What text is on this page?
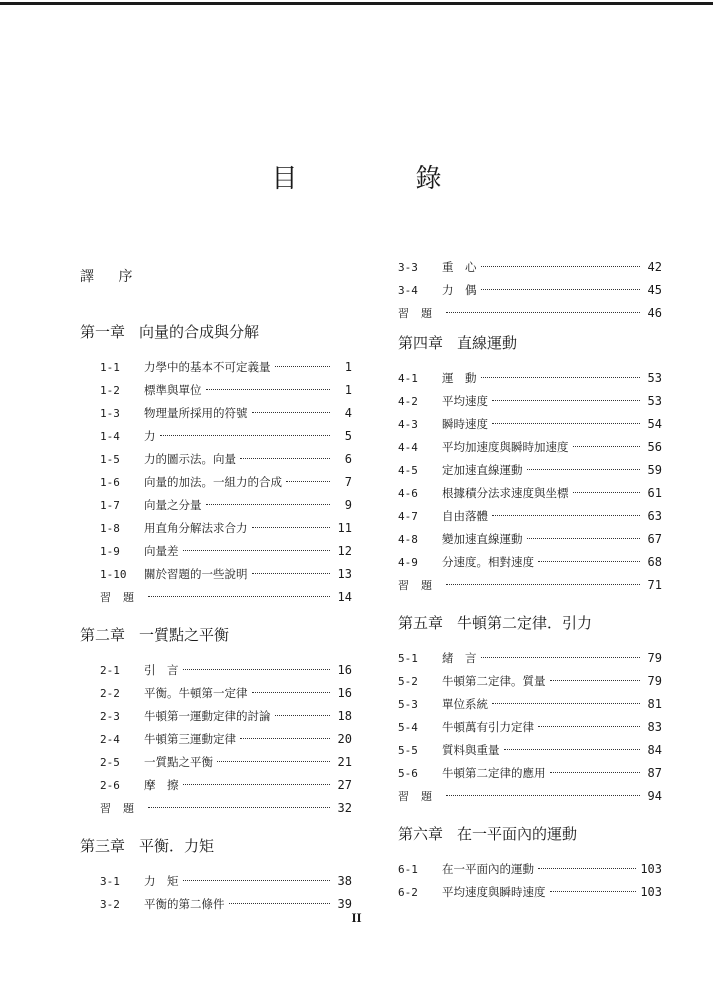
目　錄
譯 序
第一章 向量的合成與分解
1-1	力學中的基本不可定義量	1
1-2	標準與單位	1
1-3	物理量所採用的符號	4
1-4	力	5
1-5	力的圖示法。向量	6
1-6	向量的加法。一組力的合成	7
1-7	向量之分量	9
1-8	用直角分解法求合力	11
1-9	向量差	12
1-10	關於習題的一些說明	13
習題	14
第二章 一質點之平衡
2-1	引　言	16
2-2	平衡。牛頓第一定律	16
2-3	牛頓第一運動定律的討論	18
2-4	牛頓第三運動定律	20
2-5	一質點之平衡	21
2-6	摩　擦	27
習題	32
第三章 平衡．力矩
3-1	力　矩	38
3-2	平衡的第二條件	39
3-3	重　心	42
3-4	力　偶	45
習題	46
第四章 直線運動
4-1	運　動	53
4-2	平均速度	53
4-3	瞬時速度	54
4-4	平均加速度與瞬時加速度	56
4-5	定加速直線運動	59
4-6	根據積分法求速度與坐標	61
4-7	自由落體	63
4-8	變加速直線運動	67
4-9	分速度。相對速度	68
習題	71
第五章 牛頓第二定律．引力
5-1	緒　言	79
5-2	牛頓第二定律。質量	79
5-3	單位系統	81
5-4	牛頓萬有引力定律	83
5-5	質料與重量	84
5-6	牛頓第二定律的應用	87
習題	94
第六章 在一平面內的運動
6-1	在一平面內的運動	103
6-2	平均速度與瞬時速度	103
II
